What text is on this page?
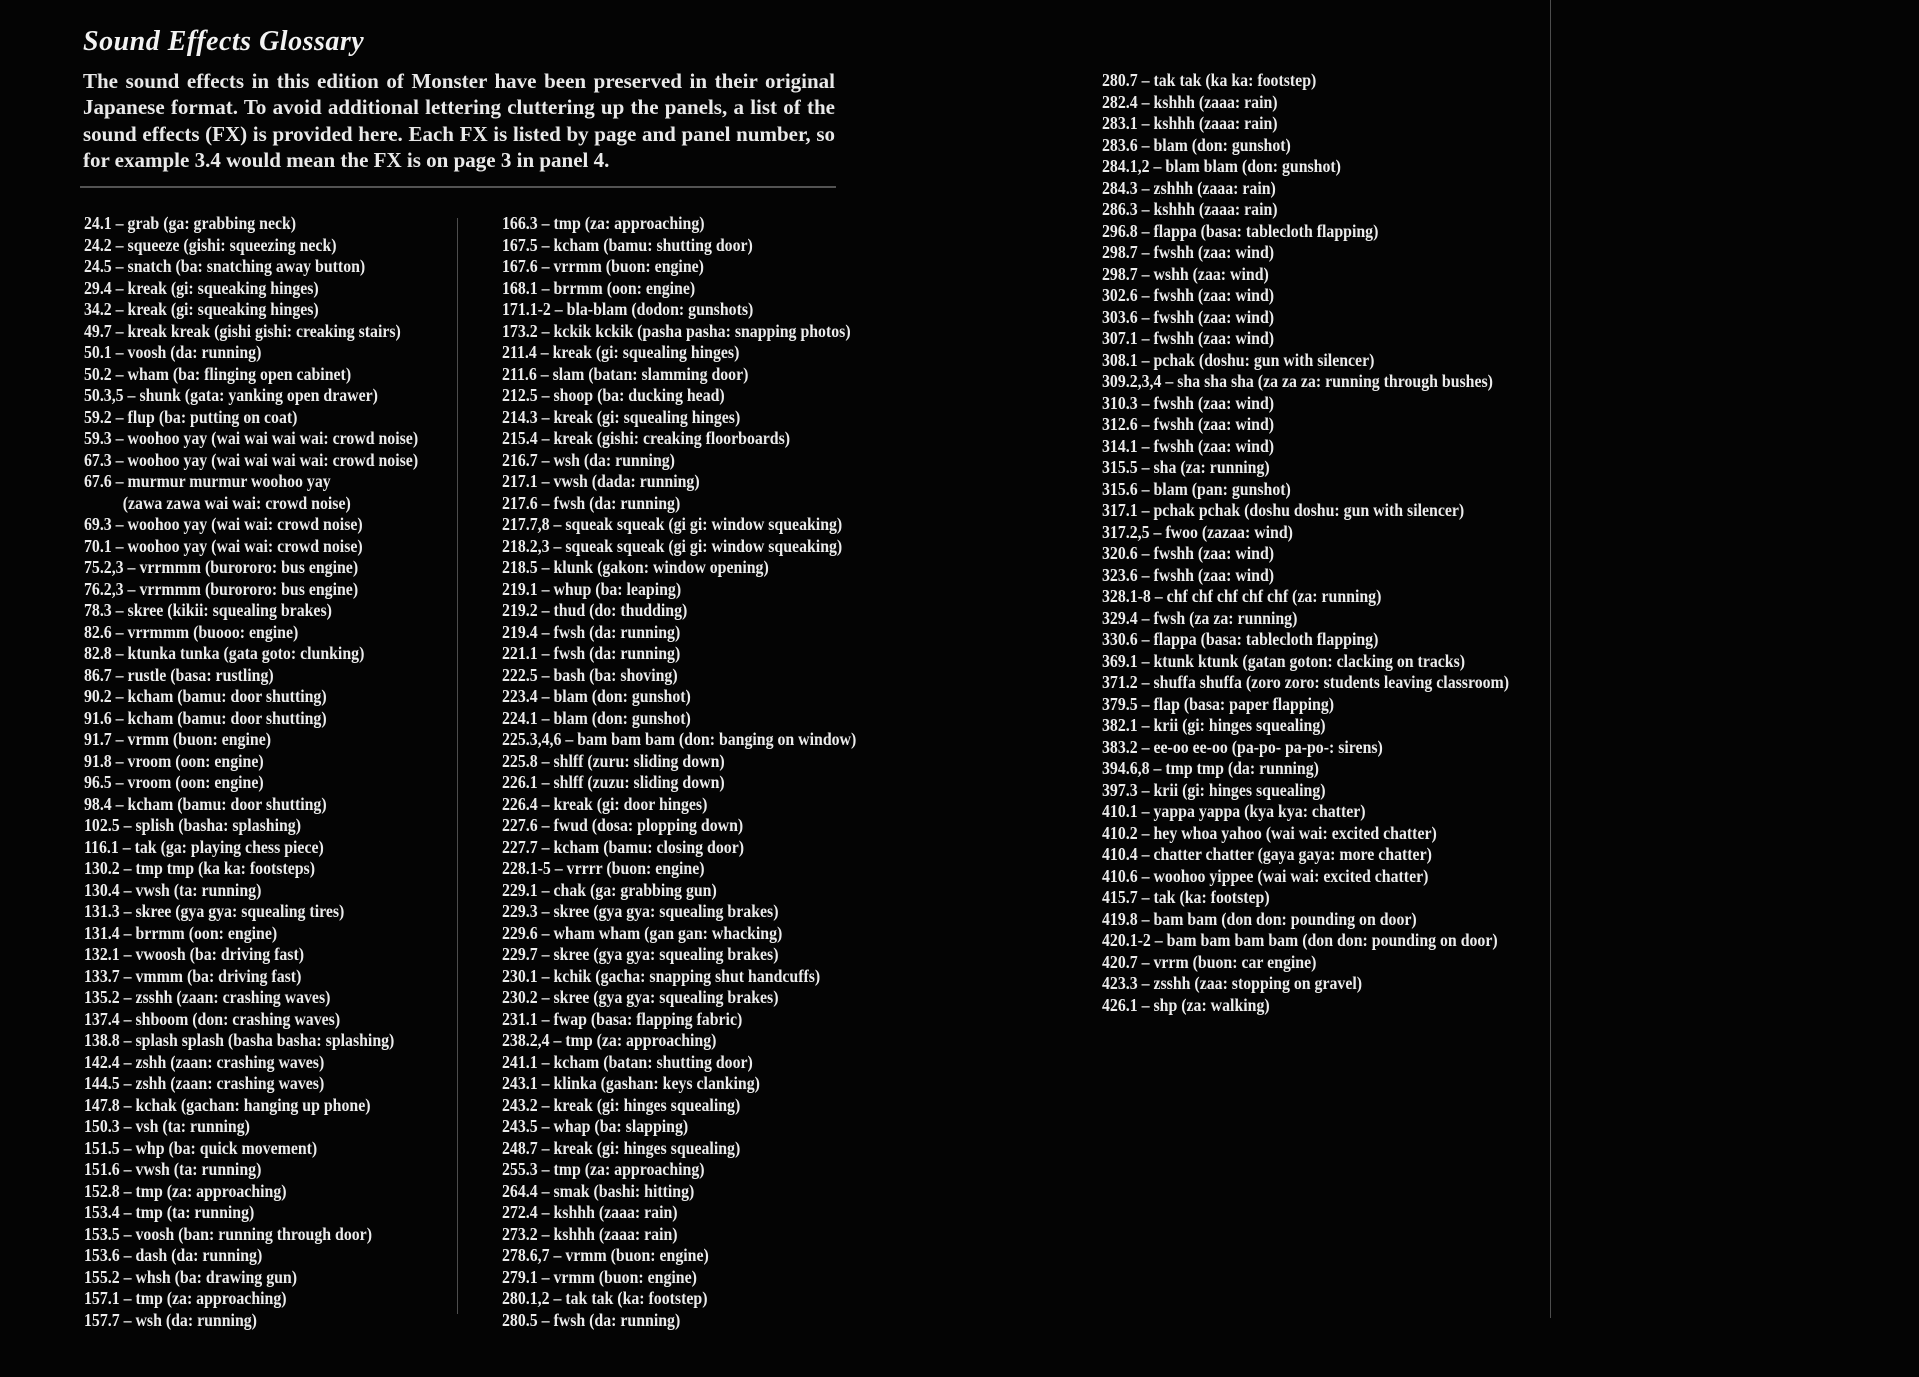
Sound Effects Glossary

The sound effects in this edition of Monster have been preserved in their original Japanese format. To avoid additional lettering cluttering up the panels, a list of the sound effects (FX) is provided here. Each FX is listed by page and panel number, so for example 3.4 would mean the FX is on page 3 in panel 4.

24.1 – grab (ga: grabbing neck)
24.2 – squeeze (gishi: squeezing neck)
24.5 – snatch (ba: snatching away button)
29.4 – kreak (gi: squeaking hinges)
34.2 – kreak (gi: squeaking hinges)
49.7 – kreak kreak (gishi gishi: creaking stairs)
50.1 – voosh (da: running)
50.2 – wham (ba: flinging open cabinet)
50.3,5 – shunk (gata: yanking open drawer)
59.2 – flup (ba: putting on coat)
59.3 – woohoo yay (wai wai wai wai: crowd noise)
67.3 – woohoo yay (wai wai wai wai: crowd noise)
67.6 – murmur murmur woohoo yay
(zawa zawa wai wai: crowd noise)
69.3 – woohoo yay (wai wai: crowd noise)
70.1 – woohoo yay (wai wai: crowd noise)
75.2,3 – vrrmmm (burororo: bus engine)
76.2,3 – vrrmmm (burororo: bus engine)
78.3 – skree (kikii: squealing brakes)
82.6 – vrrmmm (buooo: engine)
82.8 – ktunka tunka (gata goto: clunking)
86.7 – rustle (basa: rustling)
90.2 – kcham (bamu: door shutting)
91.6 – kcham (bamu: door shutting)
91.7 – vrmm (buon: engine)
91.8 – vroom (oon: engine)
96.5 – vroom (oon: engine)
98.4 – kcham (bamu: door shutting)
102.5 – splish (basha: splashing)
116.1 – tak (ga: playing chess piece)
130.2 – tmp tmp (ka ka: footsteps)
130.4 – vwsh (ta: running)
131.3 – skree (gya gya: squealing tires)
131.4 – brrmm (oon: engine)
132.1 – vwoosh (ba: driving fast)
133.7 – vmmm (ba: driving fast)
135.2 – zsshh (zaan: crashing waves)
137.4 – shboom (don: crashing waves)
138.8 – splash splash (basha basha: splashing)
142.4 – zshh (zaan: crashing waves)
144.5 – zshh (zaan: crashing waves)
147.8 – kchak (gachan: hanging up phone)
150.3 – vsh (ta: running)
151.5 – whp (ba: quick movement)
151.6 – vwsh (ta: running)
152.8 – tmp (za: approaching)
153.4 – tmp (ta: running)
153.5 – voosh (ban: running through door)
153.6 – dash (da: running)
155.2 – whsh (ba: drawing gun)
157.1 – tmp (za: approaching)
157.7 – wsh (da: running)
166.3 – tmp (za: approaching)
167.5 – kcham (bamu: shutting door)
167.6 – vrrmm (buon: engine)
168.1 – brrmm (oon: engine)
171.1-2 – bla-blam (dodon: gunshots)
173.2 – kckik kckik (pasha pasha: snapping photos)
211.4 – kreak (gi: squealing hinges)
211.6 – slam (batan: slamming door)
212.5 – shoop (ba: ducking head)
214.3 – kreak (gi: squealing hinges)
215.4 – kreak (gishi: creaking floorboards)
216.7 – wsh (da: running)
217.1 – vwsh (dada: running)
217.6 – fwsh (da: running)
217.7,8 – squeak squeak (gi gi: window squeaking)
218.2,3 – squeak squeak (gi gi: window squeaking)
218.5 – klunk (gakon: window opening)
219.1 – whup (ba: leaping)
219.2 – thud (do: thudding)
219.4 – fwsh (da: running)
221.1 – fwsh (da: running)
222.5 – bash (ba: shoving)
223.4 – blam (don: gunshot)
224.1 – blam (don: gunshot)
225.3,4,6 – bam bam bam (don: banging on window)
225.8 – shlff (zuru: sliding down)
226.1 – shlff (zuzu: sliding down)
226.4 – kreak (gi: door hinges)
227.6 – fwud (dosa: plopping down)
227.7 – kcham (bamu: closing door)
228.1-5 – vrrrr (buon: engine)
229.1 – chak (ga: grabbing gun)
229.3 – skree (gya gya: squealing brakes)
229.6 – wham wham (gan gan: whacking)
229.7 – skree (gya gya: squealing brakes)
230.1 – kchik (gacha: snapping shut handcuffs)
230.2 – skree (gya gya: squealing brakes)
231.1 – fwap (basa: flapping fabric)
238.2,4 – tmp (za: approaching)
241.1 – kcham (batan: shutting door)
243.1 – klinka (gashan: keys clanking)
243.2 – kreak (gi: hinges squealing)
243.5 – whap (ba: slapping)
248.7 – kreak (gi: hinges squealing)
255.3 – tmp (za: approaching)
264.4 – smak (bashi: hitting)
272.4 – kshhh (zaaa: rain)
273.2 – kshhh (zaaa: rain)
278.6,7 – vrmm (buon: engine)
279.1 – vrmm (buon: engine)
280.1,2 – tak tak (ka: footstep)
280.5 – fwsh (da: running)
280.7 – tak tak (ka ka: footstep)
282.4 – kshhh (zaaa: rain)
283.1 – kshhh (zaaa: rain)
283.6 – blam (don: gunshot)
284.1,2 – blam blam (don: gunshot)
284.3 – zshhh (zaaa: rain)
286.3 – kshhh (zaaa: rain)
296.8 – flappa (basa: tablecloth flapping)
298.7 – fwshh (zaa: wind)
298.7 – wshh (zaa: wind)
302.6 – fwshh (zaa: wind)
303.6 – fwshh (zaa: wind)
307.1 – fwshh (zaa: wind)
308.1 – pchak (doshu: gun with silencer)
309.2,3,4 – sha sha sha (za za za: running through bushes)
310.3 – fwshh (zaa: wind)
312.6 – fwshh (zaa: wind)
314.1 – fwshh (zaa: wind)
315.5 – sha (za: running)
315.6 – blam (pan: gunshot)
317.1 – pchak pchak (doshu doshu: gun with silencer)
317.2,5 – fwoo (zazaa: wind)
320.6 – fwshh (zaa: wind)
323.6 – fwshh (zaa: wind)
328.1-8 – chf chf chf chf chf (za: running)
329.4 – fwsh (za za: running)
330.6 – flappa (basa: tablecloth flapping)
369.1 – ktunk ktunk (gatan goton: clacking on tracks)
371.2 – shuffa shuffa (zoro zoro: students leaving classroom)
379.5 – flap (basa: paper flapping)
382.1 – krii (gi: hinges squealing)
383.2 – ee-oo ee-oo (pa-po- pa-po-: sirens)
394.6,8 – tmp tmp (da: running)
397.3 – krii (gi: hinges squealing)
410.1 – yappa yappa (kya kya: chatter)
410.2 – hey whoa yahoo (wai wai: excited chatter)
410.4 – chatter chatter (gaya gaya: more chatter)
410.6 – woohoo yippee (wai wai: excited chatter)
415.7 – tak (ka: footstep)
419.8 – bam bam (don don: pounding on door)
420.1-2 – bam bam bam bam (don don: pounding on door)
420.7 – vrrm (buon: car engine)
423.3 – zsshh (zaa: stopping on gravel)
426.1 – shp (za: walking)
